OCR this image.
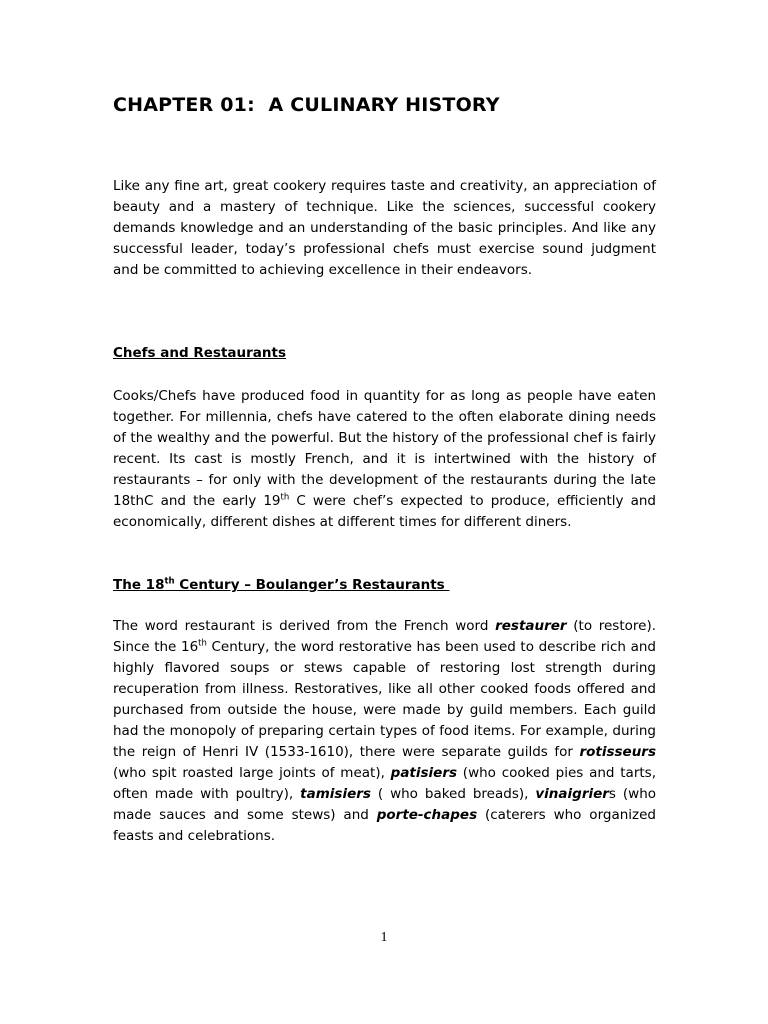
CHAPTER 01:  A CULINARY HISTORY

Like any fine art, great cookery requires taste and creativity, an appreciation of beauty and a mastery of technique. Like the sciences, successful cookery demands knowledge and an understanding of the basic principles. And like any successful leader, today’s professional chefs must exercise sound judgment and be committed to achieving excellence in their endeavors.

Chefs and Restaurants

Cooks/Chefs have produced food in quantity for as long as people have eaten together. For millennia, chefs have catered to the often elaborate dining needs of the wealthy and the powerful. But the history of the professional chef is fairly recent. Its cast is mostly French, and it is intertwined with the history of restaurants – for only with the development of the restaurants during the late 18thC and the early 19th C were chef’s expected to produce, efficiently and economically, different dishes at different times for different diners.

The 18th Century – Boulanger’s Restaurants

The word restaurant is derived from the French word restaurer (to restore). Since the 16th Century, the word restorative has been used to describe rich and highly flavored soups or stews capable of restoring lost strength during recuperation from illness. Restoratives, like all other cooked foods offered and purchased from outside the house, were made by guild members. Each guild had the monopoly of preparing certain types of food items. For example, during the reign of Henri IV (1533-1610), there were separate guilds for rotisseurs (who spit roasted large joints of meat), patisiers (who cooked pies and tarts, often made with poultry), tamisiers ( who baked breads), vinaigriers (who made sauces and some stews) and porte-chapes (caterers who organized feasts and celebrations.

1
